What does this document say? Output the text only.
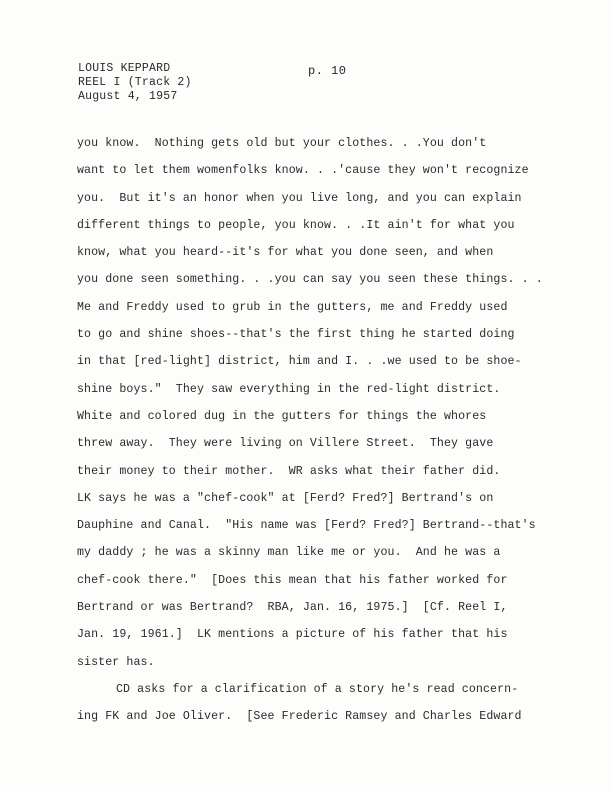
LOUIS KEPPARD
REEL I (Track 2)
August 4, 1957
p. 10
you know.  Nothing gets old but your clothes. . .You don't
want to let them womenfolks know. . .'cause they won't recognize
you.  But it's an honor when you live long, and you can explain
different things to people, you know. . .It ain't for what you
know, what you heard--it's for what you done seen, and when
you done seen something. . .you can say you seen these things. . .
Me and Freddy used to grub in the gutters, me and Freddy used
to go and shine shoes--that's the first thing he started doing
in that [red-light] district, him and I. . .we used to be shoe-
shine boys."  They saw everything in the red-light district.
White and colored dug in the gutters for things the whores
threw away.  They were living on Villere Street.  They gave
their money to their mother.  WR asks what their father did.
LK says he was a "chef-cook" at [Ferd? Fred?] Bertrand's on
Dauphine and Canal.  "His name was [Ferd? Fred?] Bertrand--that's
my daddy ; he was a skinny man like me or you.  And he was a
chef-cook there."  [Does this mean that his father worked for
Bertrand or was Bertrand?  RBA, Jan. 16, 1975.]  [Cf. Reel I,
Jan. 19, 1961.]  LK mentions a picture of his father that his
sister has.
CD asks for a clarification of a story he's read concern-
ing FK and Joe Oliver.  [See Frederic Ramsey and Charles Edward
